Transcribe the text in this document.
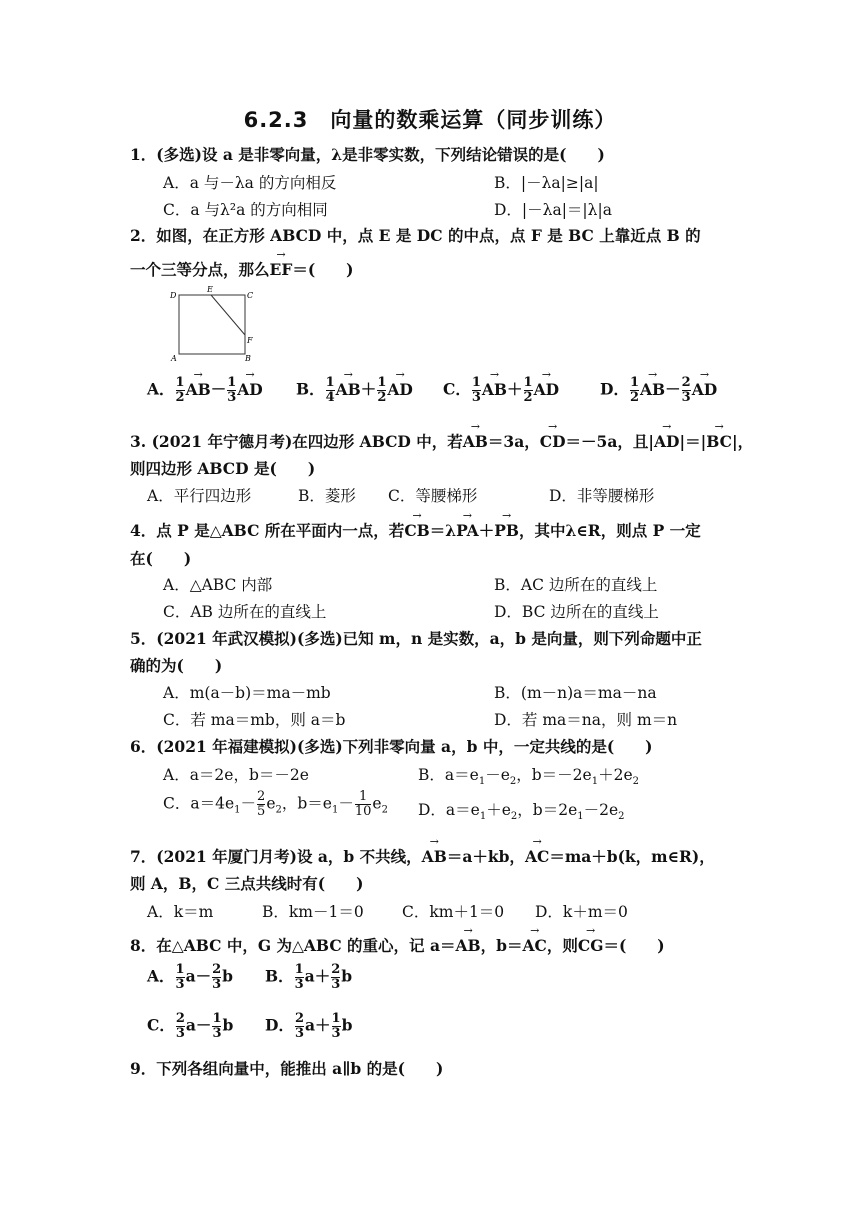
6.2.3 向量的数乘运算（同步训练）
1．(多选)设 a 是非零向量，λ是非零实数，下列结论错误的是(　　)
A．a 与－λa 的方向相反	B．|－λa|≥|a|
C．a 与λ²a 的方向相同	D．|－λa|＝|λ|a
2．如图，在正方形 ABCD 中，点 E 是 DC 的中点，点 F 是 BC 上靠近点 B 的
一个三等分点，那么→ EF＝(　　)
D
E
C
F
A	B
A． $\frac{1}{2}$
→ $AB- \frac{1}{3}$
→ AD B． $\frac{1}{4}$
→ $AB+ \frac{1}{2}$
→ AD C． $\frac{1}{3}$
→ $AB+ \frac{1}{2}$
→ AD	D． $\frac{1}{2}$
→ $AB- \frac{2}{3}$
→ AD
3. (2021 年宁德月考)在四边形 ABCD 中，若→ AB＝3a，→ CD＝－5a，且|→ AD|＝|→ BC|，
则四边形 ABCD 是(　　)
A．平行四边形	B．菱形 C．等腰梯形	D．非等腰梯形
4．点 P 是△ABC 所在平面内一点，若→ CB＝λ→ PA＋→ PB，其中λ∈R，则点 P 一定
在(　　)
A．△ABC 内部	B．AC 边所在的直线上
C．AB 边所在的直线上	D．BC 边所在的直线上
5．(2021 年武汉模拟)(多选)已知 m，n 是实数，a，b 是向量，则下列命题中正
确的为(　　)
A．m(a－b)＝ma－mb	B．(m－n)a＝ma－na
C．若 ma＝mb，则 a＝b	D．若 ma＝na，则 m＝n
6．(2021 年福建模拟)(多选)下列非零向量 a，b 中，一定共线的是(　　)
A．a＝2e，b＝－2e	B．$a=e_1-e_2$，$b=-2e_1+2e_2$
C．$a=4e_1- \frac{2}{5} e_2$，$b=e_1- \frac{1}{10} e_2$ D．$a=e_1+e_2$，$b=2e_1-2e_2$
7．(2021 年厦门月考)设 a，b 不共线，→ AB＝a＋kb，→ AC＝ma＋b(k，m∈R)，
则 A，B，C 三点共线时有(　　)
A．k＝m	B．km－1＝0 C．km＋1＝0 D．k＋m＝0
8．在△ABC 中，G 为△ABC 的重心，记 a＝→ AB，b＝→ AC，则→ CG＝(　　)
A． $\frac{1}{3} a- \frac{2}{3}$ b B． $\frac{1}{3} a+ \frac{2}{3}$ b
C． $\frac{2}{3} a- \frac{1}{3}$ b D． $\frac{2}{3} a+ \frac{1}{3}$ b
9．下列各组向量中，能推出 a∥b 的是(　　)
